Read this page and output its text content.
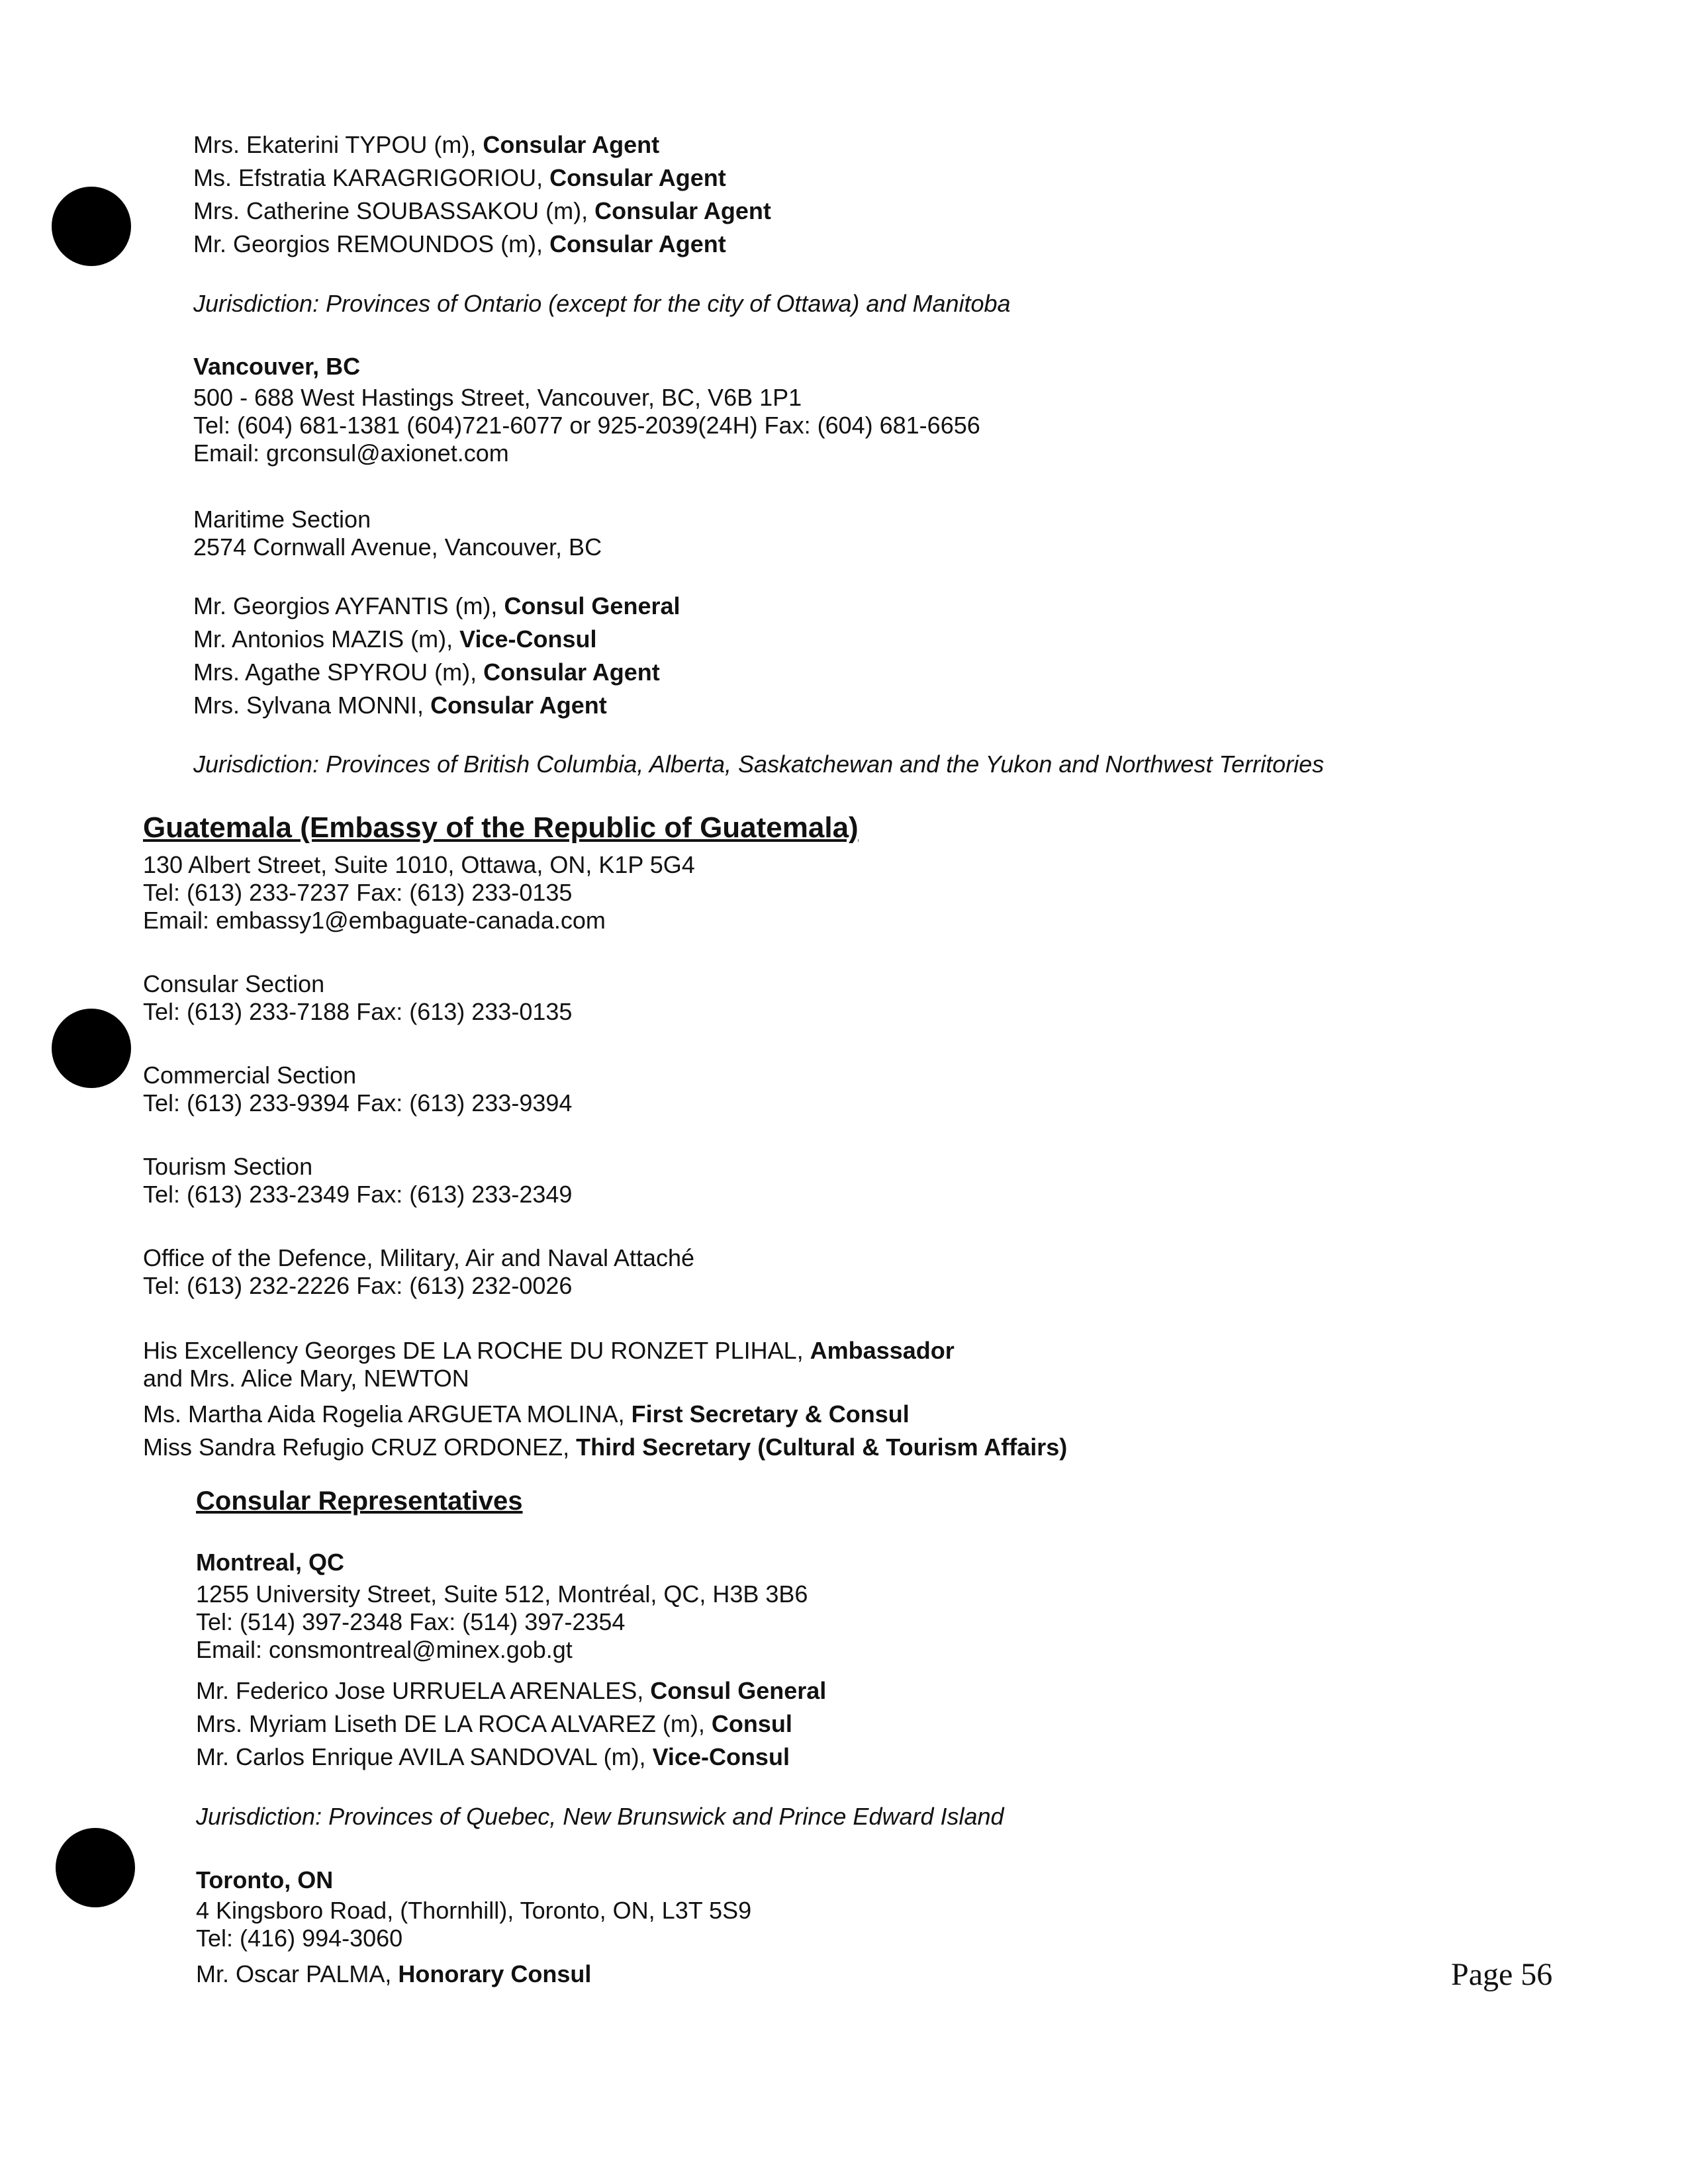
Mrs. Ekaterini TYPOU (m), Consular Agent
Ms. Efstratia KARAGRIGORIOU, Consular Agent
Mrs. Catherine SOUBASSAKOU (m), Consular Agent
Mr. Georgios REMOUNDOS (m), Consular Agent
Jurisdiction: Provinces of Ontario (except for the city of Ottawa) and Manitoba
Vancouver, BC
500 - 688 West Hastings Street, Vancouver, BC, V6B 1P1
Tel: (604) 681-1381 (604)721-6077 or 925-2039(24H) Fax: (604) 681-6656
Email: grconsul@axionet.com
Maritime Section
2574 Cornwall Avenue, Vancouver, BC
Mr. Georgios AYFANTIS (m), Consul General
Mr. Antonios MAZIS (m), Vice-Consul
Mrs. Agathe SPYROU (m), Consular Agent
Mrs. Sylvana MONNI, Consular Agent
Jurisdiction: Provinces of British Columbia, Alberta, Saskatchewan and the Yukon and Northwest Territories
Guatemala (Embassy of the Republic of Guatemala)
130 Albert Street, Suite 1010, Ottawa, ON, K1P 5G4
Tel: (613) 233-7237 Fax: (613) 233-0135
Email: embassy1@embaguate-canada.com
Consular Section
Tel: (613) 233-7188 Fax: (613) 233-0135
Commercial Section
Tel: (613) 233-9394 Fax: (613) 233-9394
Tourism Section
Tel: (613) 233-2349 Fax: (613) 233-2349
Office of the Defence, Military, Air and Naval Attaché
Tel: (613) 232-2226 Fax: (613) 232-0026
His Excellency Georges DE LA ROCHE DU RONZET PLIHAL, Ambassador
and Mrs. Alice Mary, NEWTON
Ms. Martha Aida Rogelia ARGUETA MOLINA, First Secretary & Consul
Miss Sandra Refugio CRUZ ORDONEZ, Third Secretary (Cultural & Tourism Affairs)
Consular Representatives
Montreal, QC
1255 University Street, Suite 512, Montréal, QC, H3B 3B6
Tel: (514) 397-2348 Fax: (514) 397-2354
Email: consmontreal@minex.gob.gt
Mr. Federico Jose URRUELA ARENALES, Consul General
Mrs. Myriam Liseth DE LA ROCA ALVAREZ (m), Consul
Mr. Carlos Enrique AVILA SANDOVAL (m), Vice-Consul
Jurisdiction: Provinces of Quebec, New Brunswick and Prince Edward Island
Toronto, ON
4 Kingsboro Road, (Thornhill), Toronto, ON, L3T 5S9
Tel: (416) 994-3060
Mr. Oscar PALMA, Honorary Consul	Page 56
